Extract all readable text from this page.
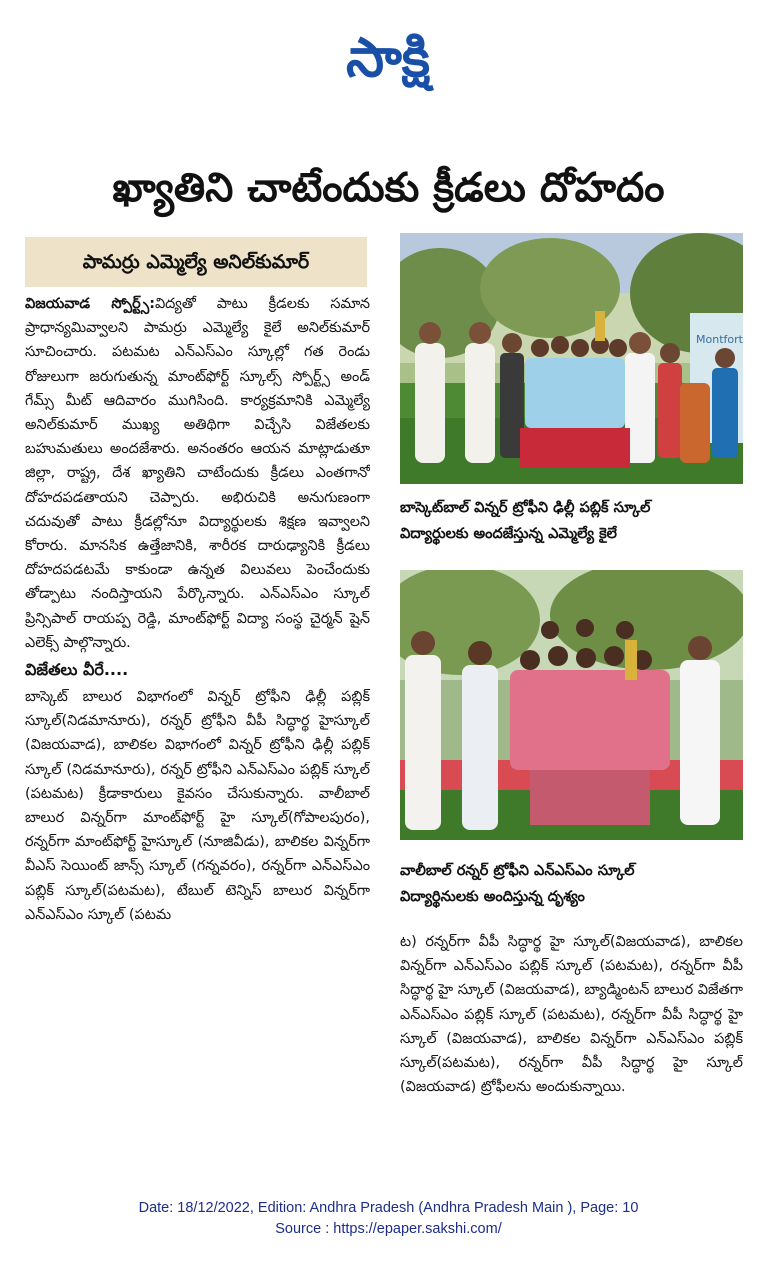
సాక్షి
ఖ్యాతిని చాటేందుకు క్రీడలు దోహదం
పామర్రు ఎమ్మెల్యే అనిల్‌కుమార్

విజయవాడ స్పోర్ట్స్:విద్యతో పాటు క్రీడలకు సమాన ప్రాధాన్యమివ్వాలని పామర్రు ఎమ్మెల్యే కైలే అనిల్‌కుమార్ సూచించారు. పటమట ఎన్ఎస్ఎం స్కూల్లో గత రెండు రోజులుగా జరుగుతున్న మాంట్‌ఫోర్ట్ స్కూల్స్ స్పోర్ట్స్ అండ్ గేమ్స్ మీట్ ఆదివారం ముగిసింది. కార్యక్రమానికి ఎమ్మెల్యే అనిల్‌కుమార్ ముఖ్య అతిథిగా విచ్చేసి విజేతలకు బహుమతులు అందజేశారు. అనంతరం ఆయన మాట్లాడుతూ జిల్లా, రాష్ట్ర, దేశ ఖ్యాతిని చాటేందుకు క్రీడలు ఎంతగానో దోహదపడతాయని చెప్పారు. అభిరుచికి అనుగుణంగా చదువుతో పాటు క్రీడల్లోనూ విద్యార్థులకు శిక్షణ ఇవ్వాలని కోరారు. మానసిక ఉత్తేజానికి, శారీరక దారుఢ్యానికి క్రీడలు దోహదపడటమే కాకుండా ఉన్నత విలువలు పెంచేందుకు తోడ్పాటు నందిస్తాయని పేర్కొన్నారు. ఎన్ఎస్ఎం స్కూల్ ప్రిన్సిపాల్ రాయప్ప రెడ్డి, మాంట్‌ఫోర్ట్ విద్యా సంస్థ చైర్మన్ షైన్ ఎలెక్స్ పాల్గొన్నారు.

విజేతలు వీరే....

బాస్కెట్ బాలుర విభాగంలో విన్నర్ ట్రోఫీని ఢిల్లీ పబ్లిక్ స్కూల్(నిడమానూరు), రన్నర్ ట్రోఫీని వీపీ సిద్ధార్థ హైస్కూల్ (విజయవాడ), బాలికల విభాగంలో విన్నర్ ట్రోఫీని ఢిల్లీ పబ్లిక్ స్కూల్ (నిడమానూరు), రన్నర్ ట్రోఫీని ఎన్ఎస్ఎం పబ్లిక్ స్కూల్ (పటమట) క్రీడాకారులు కైవసం చేసుకున్నారు. వాలీబాల్ బాలుర విన్నర్‌గా మాంట్‌ఫోర్ట్ హై స్కూల్(గోపాలపురం), రన్నర్‌గా మాంట్‌ఫోర్ట్ హైస్కూల్ (నూజివీడు), బాలికల విన్నర్‌గా వీఎస్ సెయింట్ జాన్స్ స్కూల్ (గన్నవరం), రన్నర్‌గా ఎన్ఎస్ఎం పబ్లిక్ స్కూల్(పటమట), టేబుల్ టెన్నిస్ బాలుర విన్నర్‌గా ఎన్ఎస్ఎం స్కూల్ (పటమ

Montfort
బాస్కెట్‌బాల్ విన్నర్ ట్రోఫీని ఢిల్లీ పబ్లిక్ స్కూల్
విద్యార్థులకు అందజేస్తున్న ఎమ్మెల్యే కైలే
వాలీబాల్ రన్నర్ ట్రోఫీని ఎన్ఎస్ఎం స్కూల్
విద్యార్థినులకు అందిస్తున్న దృశ్యం

ట) రన్నర్‌గా వీపీ సిద్ధార్థ హై స్కూల్(విజయవాడ), బాలికల విన్నర్‌గా ఎన్ఎస్ఎం పబ్లిక్ స్కూల్ (పటమట), రన్నర్‌గా వీపీ సిద్ధార్థ హై స్కూల్ (విజయవాడ), బ్యాడ్మింటన్ బాలుర విజేతగా ఎన్ఎస్ఎం పబ్లిక్ స్కూల్ (పటమట), రన్నర్‌గా వీపీ సిద్ధార్థ హై స్కూల్ (విజయవాడ), బాలికల విన్నర్‌గా ఎన్ఎస్ఎం పబ్లిక్ స్కూల్(పటమట), రన్నర్‌గా వీపీ సిద్ధార్థ హై స్కూల్ (విజయవాడ) ట్రోఫీలను అందుకున్నాయి.

Date: 18/12/2022, Edition: Andhra Pradesh (Andhra Pradesh Main ), Page: 10
Source : https://epaper.sakshi.com/
